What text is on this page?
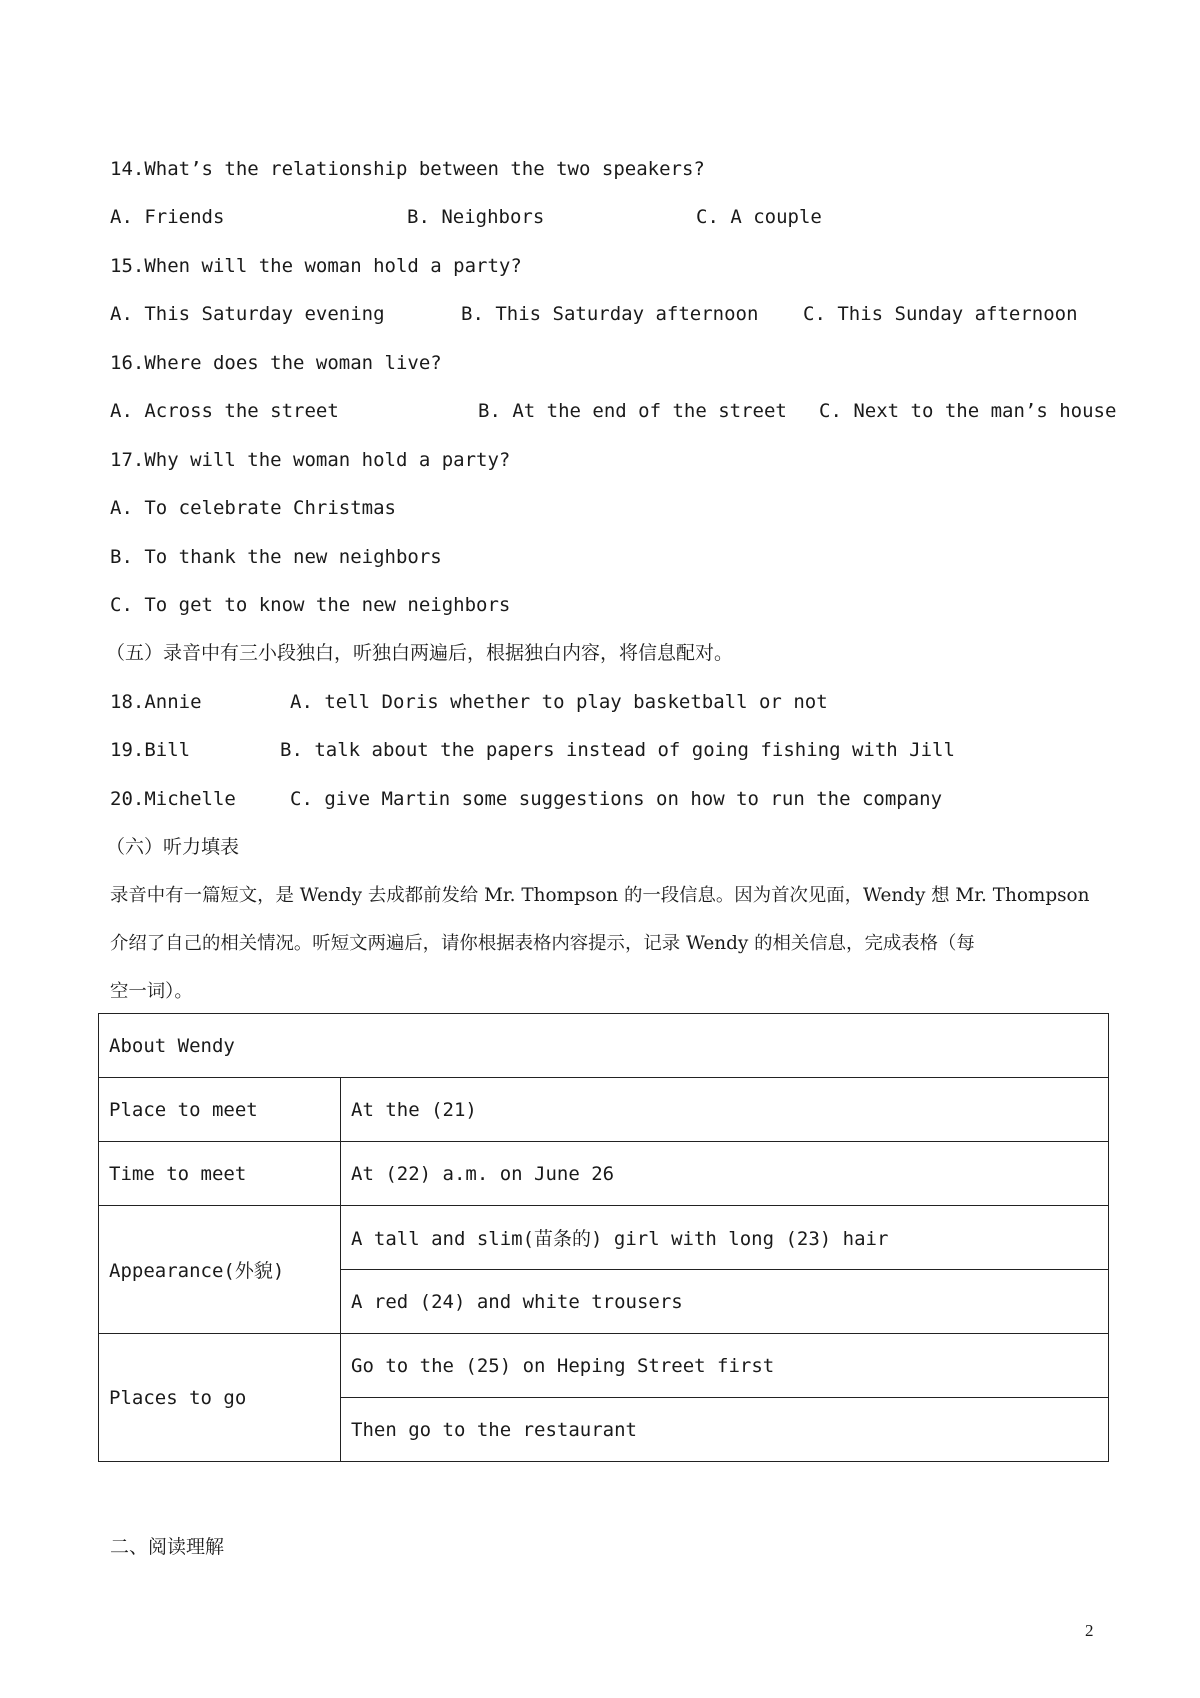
14.What’s the relationship between the two speakers?
A. Friends	B. Neighbors	C. A couple
15.When will the woman hold a party?
A. This Saturday evening	B. This Saturday afternoon C. This Sunday afternoon
16.Where does the woman live?
A. Across the street	B. At the end of the street C. Next to the man’s house
17.Why will the woman hold a party?
A. To celebrate Christmas
B. To thank the new neighbors
C. To get to know the new neighbors
（五）录音中有三小段独白，听独白两遍后，根据独白内容，将信息配对。
18.Annie	A. tell Doris whether to play basketball or not
19.Bill	B. talk about the papers instead of going fishing with Jill
20.Michelle	C. give Martin some suggestions on how to run the company
（六）听力填表
录音中有一篇短文，是 Wendy 去成都前发给 Mr. Thompson 的一段信息。因为首次见面，Wendy 想 Mr. Thompson
介绍了自己的相关情况。听短文两遍后，请你根据表格内容提示，记录 Wendy 的相关信息，完成表格（每
空一词）。
About Wendy	
Place to meet	At the (21)
Time to meet	At (22) a.m. on June 26
Appearance(外貌)	A tall and slim(苗条的) girl with long (23) hair
	A red (24) and white trousers
Places to go	Go to the (25) on Heping Street first
	Then go to the restaurant
二、阅读理解
2
